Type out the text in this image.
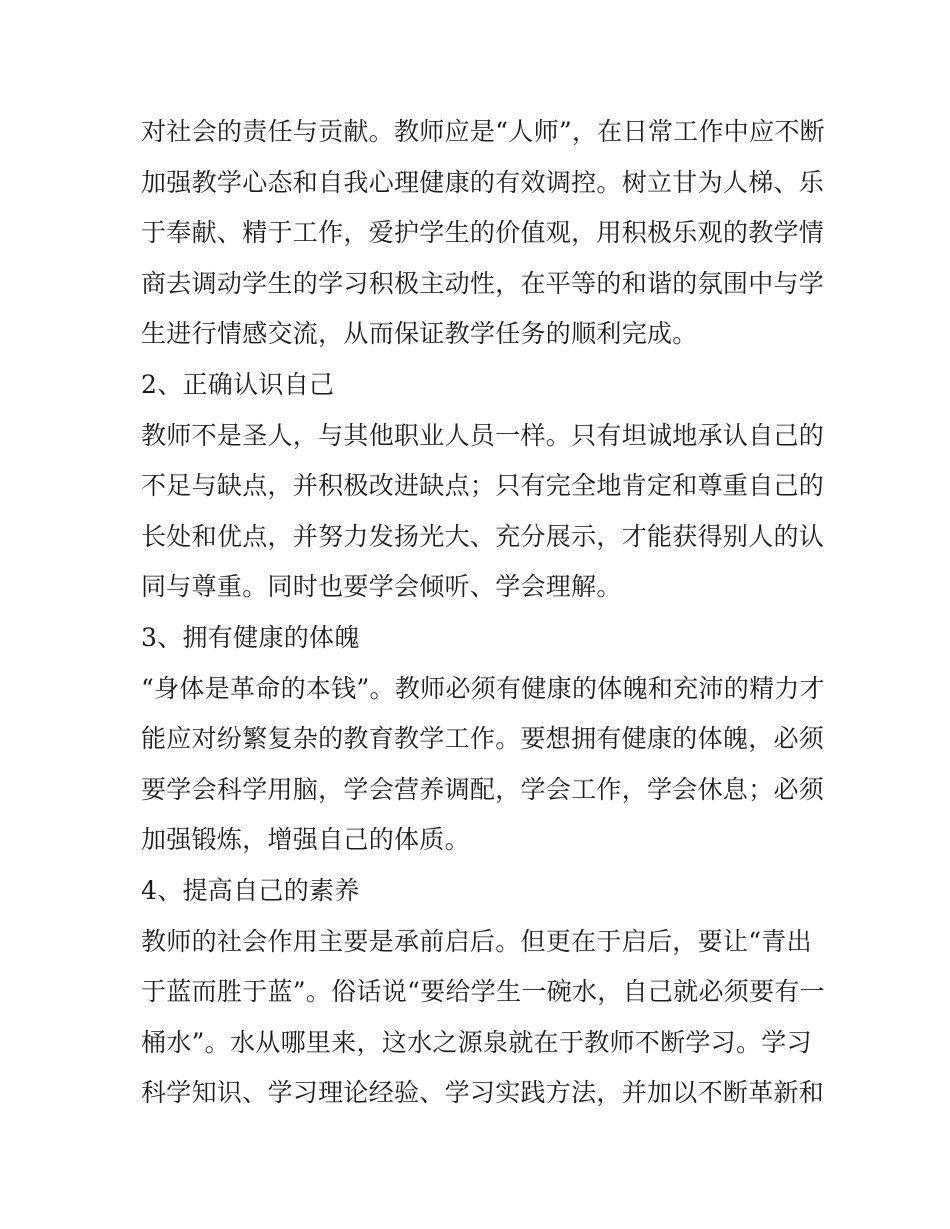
对社会的责任与贡献。教师应是“人师”，在日常工作中应不断
加强教学心态和自我心理健康的有效调控。树立甘为人梯、乐
于奉献、精于工作，爱护学生的价值观，用积极乐观的教学情
商去调动学生的学习积极主动性，在平等的和谐的氛围中与学
生进行情感交流，从而保证教学任务的顺利完成。
2、正确认识自己
教师不是圣人，与其他职业人员一样。只有坦诚地承认自己的
不足与缺点，并积极改进缺点；只有完全地肯定和尊重自己的
长处和优点，并努力发扬光大、充分展示，才能获得别人的认
同与尊重。同时也要学会倾听、学会理解。
3、拥有健康的体魄
“身体是革命的本钱”。教师必须有健康的体魄和充沛的精力才
能应对纷繁复杂的教育教学工作。要想拥有健康的体魄，必须
要学会科学用脑，学会营养调配，学会工作，学会休息；必须
加强锻炼，增强自己的体质。
4、提高自己的素养
教师的社会作用主要是承前启后。但更在于启后，要让“青出
于蓝而胜于蓝”。俗话说“要给学生一碗水，自己就必须要有一
桶水”。水从哪里来，这水之源泉就在于教师不断学习。学习
科学知识、学习理论经验、学习实践方法，并加以不断革新和
